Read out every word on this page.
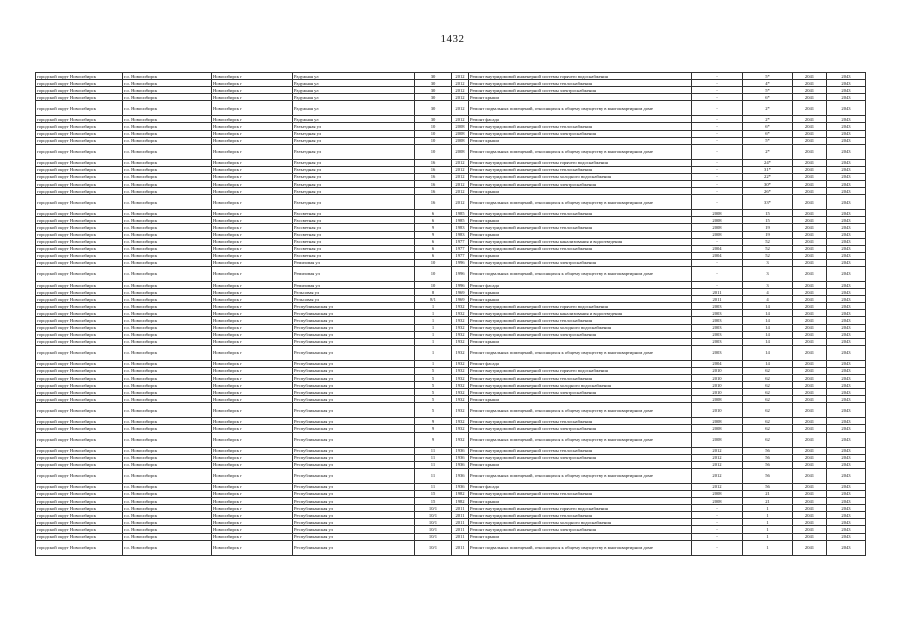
1432
городской округ Новосибирск	г.о. Новосибирск	Новосибирск г	Радужная ул	30	2012	Ремонт внутридомовой инженерной системы горячего водоснабжения	-	5*	2041	2043
городской округ Новосибирск	г.о. Новосибирск	Новосибирск г	Радужная ул	30	2012	Ремонт внутридомовой инженерной системы теплоснабжения	-	4*	2041	2043
городской округ Новосибирск	г.о. Новосибирск	Новосибирск г	Радужная ул	30	2012	Ремонт внутридомовой инженерной системы электроснабжения	-	5*	2041	2043
городской округ Новосибирск	г.о. Новосибирск	Новосибирск г	Радужная ул	30	2012	Ремонт крыши	-	6*	2041	2043
городской округ Новосибирск	г.о. Новосибирск	Новосибирск г	Радужная ул	30	2012	Ремонт подвальных помещений, относящихся к общему имуществу в многоквартирном доме	-	2*	2041	2043
городской округ Новосибирск	г.о. Новосибирск	Новосибирск г	Радужная ул	30	2012	Ремонт фасада	-	2*	2041	2043
городской округ Новосибирск	г.о. Новосибирск	Новосибирск г	Разъездная ул	10	2008	Ремонт внутридомовой инженерной системы теплоснабжения	-	6*	2041	2043
городской округ Новосибирск	г.о. Новосибирск	Новосибирск г	Разъездная ул	10	2008	Ремонт внутридомовой инженерной системы электроснабжения	-	6*	2041	2043
городской округ Новосибирск	г.о. Новосибирск	Новосибирск г	Разъездная ул	10	2008	Ремонт крыши	-	5*	2041	2043
городской округ Новосибирск	г.о. Новосибирск	Новосибирск г	Разъездная ул	10	2008	Ремонт подвальных помещений, относящихся к общему имуществу в многоквартирном доме	-	2*	2041	2043
городской округ Новосибирск	г.о. Новосибирск	Новосибирск г	Разъездная ул	16	2012	Ремонт внутридомовой инженерной системы горячего водоснабжения	-	24*	2041	2043
городской округ Новосибирск	г.о. Новосибирск	Новосибирск г	Разъездная ул	16	2012	Ремонт внутридомовой инженерной системы теплоснабжения	-	31*	2041	2043
городской округ Новосибирск	г.о. Новосибирск	Новосибирск г	Разъездная ул	16	2012	Ремонт внутридомовой инженерной системы холодного водоснабжения	-	22*	2041	2043
городской округ Новосибирск	г.о. Новосибирск	Новосибирск г	Разъездная ул	16	2012	Ремонт внутридомовой инженерной системы электроснабжения	-	30*	2041	2043
городской округ Новосибирск	г.о. Новосибирск	Новосибирск г	Разъездная ул	16	2012	Ремонт крыши	-	26*	2041	2043
городской округ Новосибирск	г.о. Новосибирск	Новосибирск г	Разъездная ул	16	2012	Ремонт подвальных помещений, относящихся к общему имуществу в многоквартирном доме	-	33*	2041	2043
городской округ Новосибирск	г.о. Новосибирск	Новосибирск г	Рассветная ул	6	1985	Ремонт внутридомовой инженерной системы теплоснабжения	2008	15	2041	2043
городской округ Новосибирск	г.о. Новосибирск	Новосибирск г	Рассветная ул	6	1985	Ремонт крыши	2008	15	2041	2043
городской округ Новосибирск	г.о. Новосибирск	Новосибирск г	Рассветная ул	9	1983	Ремонт внутридомовой инженерной системы теплоснабжения	2008	19	2041	2043
городской округ Новосибирск	г.о. Новосибирск	Новосибирск г	Рассветная ул	9	1983	Ремонт крыши	2008	19	2041	2043
городской округ Новосибирск	г.о. Новосибирск	Новосибирск г	Рассветная ул	6	1977	Ремонт внутридомовой инженерной системы канализования и водоотведения	-	52	2041	2043
городской округ Новосибирск	г.о. Новосибирск	Новосибирск г	Рассветная ул	6	1977	Ремонт внутридомовой инженерной системы теплоснабжения	2004	52	2041	2043
городской округ Новосибирск	г.о. Новосибирск	Новосибирск г	Рассветная ул	6	1977	Ремонт крыши	2004	52	2041	2043
городской округ Новосибирск	г.о. Новосибирск	Новосибирск г	Ремизовая ул	10	1996	Ремонт внутридомовой инженерной системы электроснабжения	-	3	2041	2043
городской округ Новосибирск	г.о. Новосибирск	Новосибирск г	Ремизовая ул	10	1996	Ремонт подвальных помещений, относящихся к общему имуществу в многоквартирном доме	-	3	2041	2043
городской округ Новосибирск	г.о. Новосибирск	Новосибирск г	Ремизовая ул	10	1996	Ремонт фасада	-	3	2041	2043
городской округ Новосибирск	г.о. Новосибирск	Новосибирск г	Рельсовая ул	8	1969	Ремонт крыши	2011	4	2041	2043
городской округ Новосибирск	г.о. Новосибирск	Новосибирск г	Рельсовая ул	8/1	1969	Ремонт крыши	2011	4	2041	2043
городской округ Новосибирск	г.о. Новосибирск	Новосибирск г	Республиканская ул	1	1932	Ремонт внутридомовой инженерной системы горячего водоснабжения	2003	14	2041	2043
городской округ Новосибирск	г.о. Новосибирск	Новосибирск г	Республиканская ул	1	1932	Ремонт внутридомовой инженерной системы канализования и водоотведения	2003	14	2041	2043
городской округ Новосибирск	г.о. Новосибирск	Новосибирск г	Республиканская ул	1	1932	Ремонт внутридомовой инженерной системы теплоснабжения	2003	14	2041	2043
городской округ Новосибирск	г.о. Новосибирск	Новосибирск г	Республиканская ул	1	1932	Ремонт внутридомовой инженерной системы холодного водоснабжения	2003	14	2041	2043
городской округ Новосибирск	г.о. Новосибирск	Новосибирск г	Республиканская ул	1	1932	Ремонт внутридомовой инженерной системы электроснабжения	2003	14	2041	2043
городской округ Новосибирск	г.о. Новосибирск	Новосибирск г	Республиканская ул	1	1932	Ремонт крыши	2003	14	2041	2043
городской округ Новосибирск	г.о. Новосибирск	Новосибирск г	Республиканская ул	1	1932	Ремонт подвальных помещений, относящихся к общему имуществу в многоквартирном доме	2003	14	2041	2043
городской округ Новосибирск	г.о. Новосибирск	Новосибирск г	Республиканская ул	1	1932	Ремонт фасада	2004	14	2041	2043
городской округ Новосибирск	г.о. Новосибирск	Новосибирск г	Республиканская ул	5	1932	Ремонт внутридомовой инженерной системы горячего водоснабжения	2010	62	2041	2043
городской округ Новосибирск	г.о. Новосибирск	Новосибирск г	Республиканская ул	5	1932	Ремонт внутридомовой инженерной системы теплоснабжения	2010	62	2041	2043
городской округ Новосибирск	г.о. Новосибирск	Новосибирск г	Республиканская ул	5	1932	Ремонт внутридомовой инженерной системы холодного водоснабжения	2010	62	2041	2043
городской округ Новосибирск	г.о. Новосибирск	Новосибирск г	Республиканская ул	5	1932	Ремонт внутридомовой инженерной системы электроснабжения	2010	62	2041	2043
городской округ Новосибирск	г.о. Новосибирск	Новосибирск г	Республиканская ул	5	1932	Ремонт крыши	2008	62	2041	2043
городской округ Новосибирск	г.о. Новосибирск	Новосибирск г	Республиканская ул	5	1932	Ремонт подвальных помещений, относящихся к общему имуществу в многоквартирном доме	2010	62	2041	2043
городской округ Новосибирск	г.о. Новосибирск	Новосибирск г	Республиканская ул	9	1932	Ремонт внутридомовой инженерной системы теплоснабжения	2008	62	2041	2043
городской округ Новосибирск	г.о. Новосибирск	Новосибирск г	Республиканская ул	9	1932	Ремонт внутридомовой инженерной системы электроснабжения	2008	62	2041	2043
городской округ Новосибирск	г.о. Новосибирск	Новосибирск г	Республиканская ул	9	1932	Ремонт подвальных помещений, относящихся к общему имуществу в многоквартирном доме	2008	62	2041	2043
городской округ Новосибирск	г.о. Новосибирск	Новосибирск г	Республиканская ул	11	1936	Ремонт внутридомовой инженерной системы теплоснабжения	2012	56	2041	2043
городской округ Новосибирск	г.о. Новосибирск	Новосибирск г	Республиканская ул	11	1936	Ремонт внутридомовой инженерной системы электроснабжения	2012	56	2041	2043
городской округ Новосибирск	г.о. Новосибирск	Новосибирск г	Республиканская ул	11	1936	Ремонт крыши	2012	56	2041	2043
городской округ Новосибирск	г.о. Новосибирск	Новосибирск г	Республиканская ул	11	1936	Ремонт подвальных помещений, относящихся к общему имуществу в многоквартирном доме	2012	56	2041	2043
городской округ Новосибирск	г.о. Новосибирск	Новосибирск г	Республиканская ул	11	1936	Ремонт фасада	2012	56	2041	2043
городской округ Новосибирск	г.о. Новосибирск	Новосибирск г	Республиканская ул	15	1982	Ремонт внутридомовой инженерной системы теплоснабжения	2008	21	2041	2043
городской округ Новосибирск	г.о. Новосибирск	Новосибирск г	Республиканская ул	15	1982	Ремонт крыши	2008	21	2041	2043
городской округ Новосибирск	г.о. Новосибирск	Новосибирск г	Республиканская ул	10/1	2011	Ремонт внутридомовой инженерной системы горячего водоснабжения	-	1	2041	2043
городской округ Новосибирск	г.о. Новосибирск	Новосибирск г	Республиканская ул	10/1	2011	Ремонт внутридомовой инженерной системы теплоснабжения	-	1	2041	2043
городской округ Новосибирск	г.о. Новосибирск	Новосибирск г	Республиканская ул	10/1	2011	Ремонт внутридомовой инженерной системы холодного водоснабжения	-	1	2041	2043
городской округ Новосибирск	г.о. Новосибирск	Новосибирск г	Республиканская ул	10/1	2011	Ремонт внутридомовой инженерной системы электроснабжения	-	1	2041	2043
городской округ Новосибирск	г.о. Новосибирск	Новосибирск г	Республиканская ул	10/1	2011	Ремонт крыши	-	1	2041	2043
городской округ Новосибирск	г.о. Новосибирск	Новосибирск г	Республиканская ул	10/1	2011	Ремонт подвальных помещений, относящихся к общему имуществу в многоквартирном доме	-	1	2041	2043
